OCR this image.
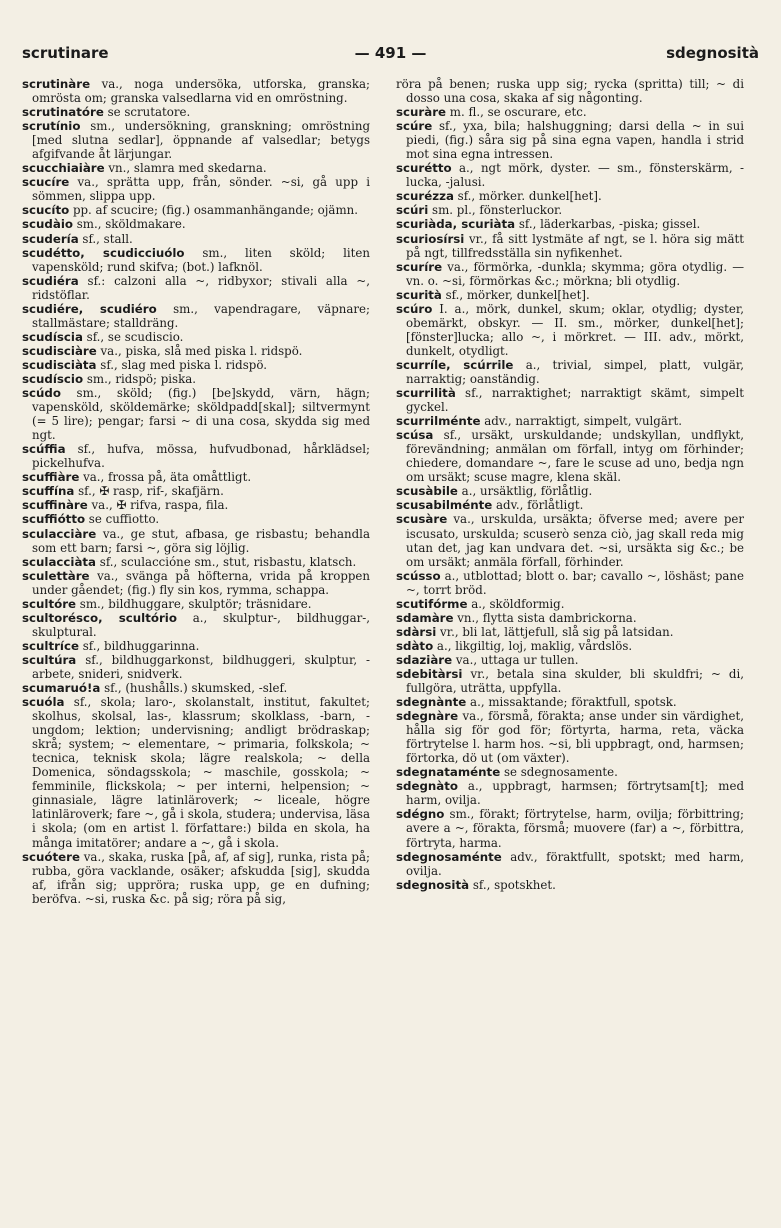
scrutinare	— 491 —	sdegnosità

scrutinàre va., noga undersöka, utforska, granska; omrösta om; granska valsedlarna vid en omröstning.

scrutinatóre se scrutatore.

scrutínio sm., undersökning, granskning; omröstning [med slutna sedlar], öppnande af valsedlar; betygs afgifvande åt lärjungar.

scucchiaiàre vn., slamra med skedarna.

scucíre va., sprätta upp, från, sönder. ~si, gå upp i sömmen, slippa upp.

scucíto pp. af scucire; (fig.) osammanhängande; ojämn.

scudàio sm., sköldmakare.

scudería sf., stall.

scudétto, scudicciuólo sm., liten sköld; liten vapensköld; rund skifva; (bot.) lafknöl.

scudiéra sf.: calzoni alla ~, ridbyxor; stivali alla ~, ridstöflar.

scudiére, scudiéro sm., vapendragare, väpnare; stallmästare; stalldräng.

scudíscia sf., se scudiscio.

scudisciàre va., piska, slå med piska l. ridspö.

scudisciàta sf., slag med piska l. ridspö.

scudíscio sm., ridspö; piska.

scúdo sm., sköld; (fig.) [be]skydd, värn, hägn; vapensköld, sköldemärke; sköldpadd[skal]; siltvermynt (= 5 lire); pengar; farsi ~ di una cosa, skydda sig med ngt.

scúffia sf., hufva, mössa, hufvudbonad, hårklädsel; pickelhufva.

scuffiàre va., frossa på, äta omåttligt.

scuffína sf., ✠ rasp, rif-, skafjärn.

scuffinàre va., ✠ rifva, raspa, fila.

scuffiótto se cuffiotto.

sculacciàre va., ge stut, afbasa, ge risbastu; behandla som ett barn; farsi ~, göra sig löjlig.

sculacciàta sf., sculaccióne sm., stut, risbastu, klatsch.

sculettàre va., svänga på höfterna, vrida på kroppen under gåendet; (fig.) fly sin kos, rymma, schappa.

scultóre sm., bildhuggare, skulptör; träsnidare.

scultorésco, scultório a., skulptur-, bildhuggar-, skulptural.

scultríce sf., bildhuggarinna.

scultúra sf., bildhuggarkonst, bildhuggeri, skulptur, -arbete, snideri, snidverk.

scumaruó!a sf., (hushålls.) skumsked, -slef.

scuóla sf., skola; laro-, skolanstalt, institut, fakultet; skolhus, skolsal, las-, klassrum; skolklass, -barn, -ungdom; lektion; undervisning; andligt brödraskap; skrå; system; ~ elementare, ~ primaria, folkskola; ~ tecnica, teknisk skola; lägre realskola; ~ della Domenica, söndagsskola; ~ maschile, gosskola; ~ femminile, flickskola; ~ per interni, helpension; ~ ginnasiale, lägre latinläroverk; ~ liceale, högre latinläroverk; fare ~, gå i skola, studera; undervisa, läsa i skola; (om en artist l. författare:) bilda en skola, ha många imitatörer; andare a ~, gå i skola.

scuótere va., skaka, ruska [på, af, af sig], runka, rista på; rubba, göra vacklande, osäker; afskudda [sig], skudda af, ifrån sig; uppröra; ruska upp, ge en dufning; beröfva. ~si, ruska &c. på sig; röra på sig,

röra på benen; ruska upp sig; rycka (sprittа) till; ~ di dosso una cosa, skaka af sig någonting.

scuràre m. fl., se oscurare, etc.

scúre sf., yxa, bila; halshuggning; darsi della ~ in sui piedi, (fig.) såra sig på sina egna vapen, handla i strid mot sina egna intressen.

scurétto a., ngt mörk, dyster. — sm., fönsterskärm, -lucka, -jalusi.

scurézza sf., mörker. dunkel[het].

scúri sm. pl., fönsterluckor.

scuriàda, scuriàta sf., läderkarbas, -piska; gissel.

scuriosírsi vr., få sitt lystmäte af ngt, se l. höra sig mätt på ngt, tillfredsställa sin nyfikenhet.

scuríre va., förmörka, -dunkla; skymma; göra otydlig. — vn. o. ~si, förmörkas &c.; mörkna; bli otydlig.

scuritа̀ sf., mörker, dunkel[het].

scúro I. a., mörk, dunkel, skum; oklar, otydlig; dyster, obemärkt, obskyr. — II. sm., mörker, dunkel[het]; [fönster]lucka; allo ~, i mörkret. — III. adv., mörkt, dunkelt, otydligt.

scurríle, scúrrile a., trivial, simpel, platt, vulgär, narraktig; oanständig.

scurrilità sf., narraktighet; narraktigt skämt, simpelt gyckel.

scurrilménte adv., narraktigt, simpelt, vulgärt.

scúsa sf., ursäkt, urskuldande; undskyllan, undflykt, förevändning; anmälan om förfall, intyg om förhinder; chiedere, domandare ~, fare le scuse ad uno, bedja ngn om ursäkt; scuse magre, klena skäl.

scusàbile a., ursäktlig, förlåtlig.

scusabilménte adv., förlåtligt.

scusàre va., urskulda, ursäkta; öfverse med; avere per iscusato, urskulda; scuserò senza ciò, jag skall reda mig utan det, jag kan undvara det. ~si, ursäkta sig &c.; be om ursäkt; anmäla förfall, förhinder.

scússo a., utblottad; blott o. bar; cavallo ~, löshäst; pane ~, torrt bröd.

scutifórme a., sköldformig.

sdamàre vn., flytta sista dambrickorna.

sdàrsi vr., bli lat, lättjefull, slå sig på latsidan.

sdàto a., likgiltig, loj, maklig, vårdslös.

sdaziàre va., uttaga ur tullen.

sdebitàrsi vr., betala sina skulder, bli skuldfri; ~ di, fullgöra, uträtta, uppfylla.

sdegnànte a., missaktande; föraktfull, spotsk.

sdegnàre va., försmå, förakta; anse under sin värdighet, hålla sig för god för; förtyrta, harma, reta, väcka förtrytelse l. harm hos. ~si, bli uppbragt, ond, harmsen; förtorka, dö ut (om växter).

sdegnataménte se sdegnosamente.

sdegnàto a., uppbragt, harmsen; förtrytsam[t]; med harm, ovilja.

sdégno sm., förakt; förtrytelse, harm, ovilja; förbittring; avere a ~, förakta, försmå; muovere (far) a ~, förbittra, förtryta, harma.

sdegnosaménte adv., föraktfullt, spotskt; med harm, ovilja.

sdegnosità sf., spotskhet.
